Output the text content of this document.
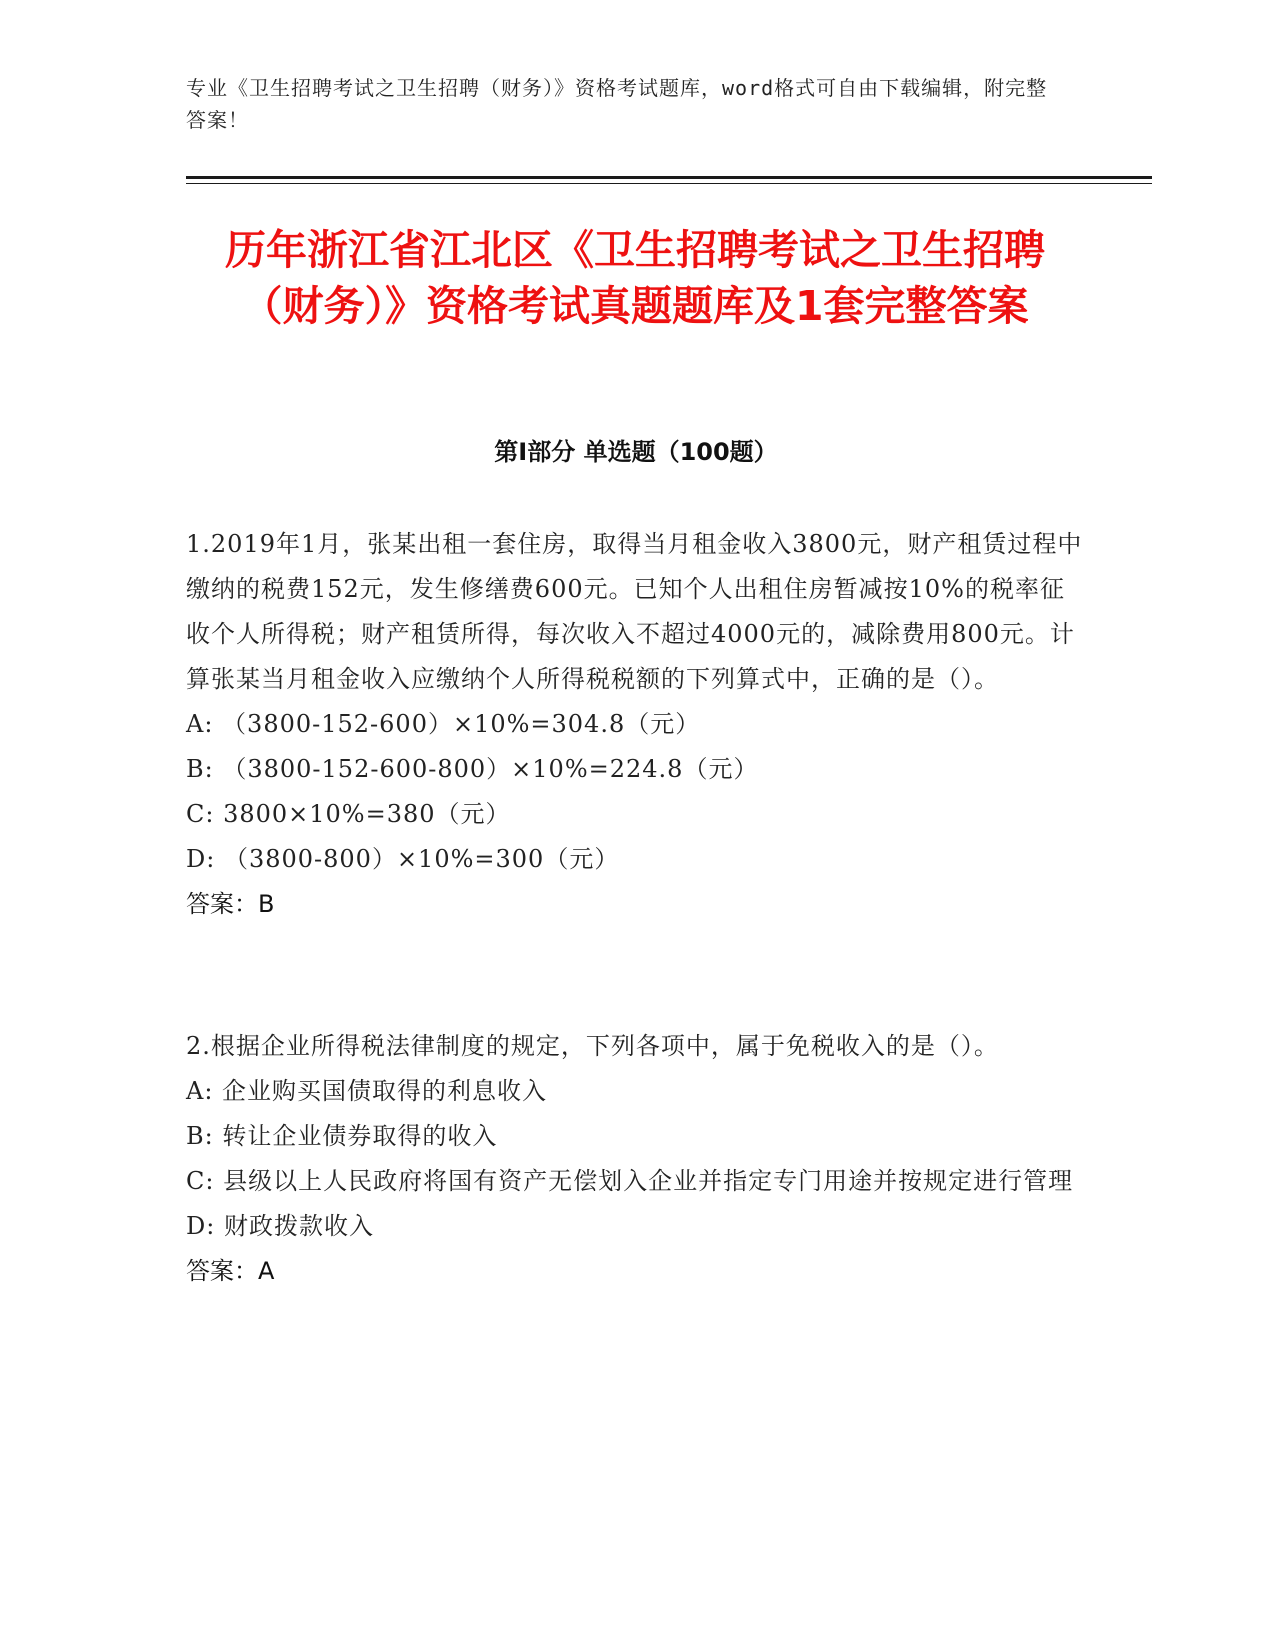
专业《卫生招聘考试之卫生招聘（财务）》资格考试题库，word格式可自由下载编辑，附完整答案！
历年浙江省江北区《卫生招聘考试之卫生招聘（财务）》资格考试真题题库及1套完整答案
第I部分 单选题（100题）
1.2019年1月，张某出租一套住房，取得当月租金收入3800元，财产租赁过程中缴纳的税费152元，发生修缮费600元。已知个人出租住房暂减按10%的税率征收个人所得税；财产租赁所得，每次收入不超过4000元的，减除费用800元。计算张某当月租金收入应缴纳个人所得税税额的下列算式中，正确的是（）。
A: （3800-152-600）×10%=304.8（元）
B: （3800-152-600-800）×10%=224.8（元）
C: 3800×10%=380（元）
D: （3800-800）×10%=300（元）
答案：B
2.根据企业所得税法律制度的规定，下列各项中，属于免税收入的是（）。
A: 企业购买国债取得的利息收入
B: 转让企业债券取得的收入
C: 县级以上人民政府将国有资产无偿划入企业并指定专门用途并按规定进行管理
D: 财政拨款收入
答案：A
